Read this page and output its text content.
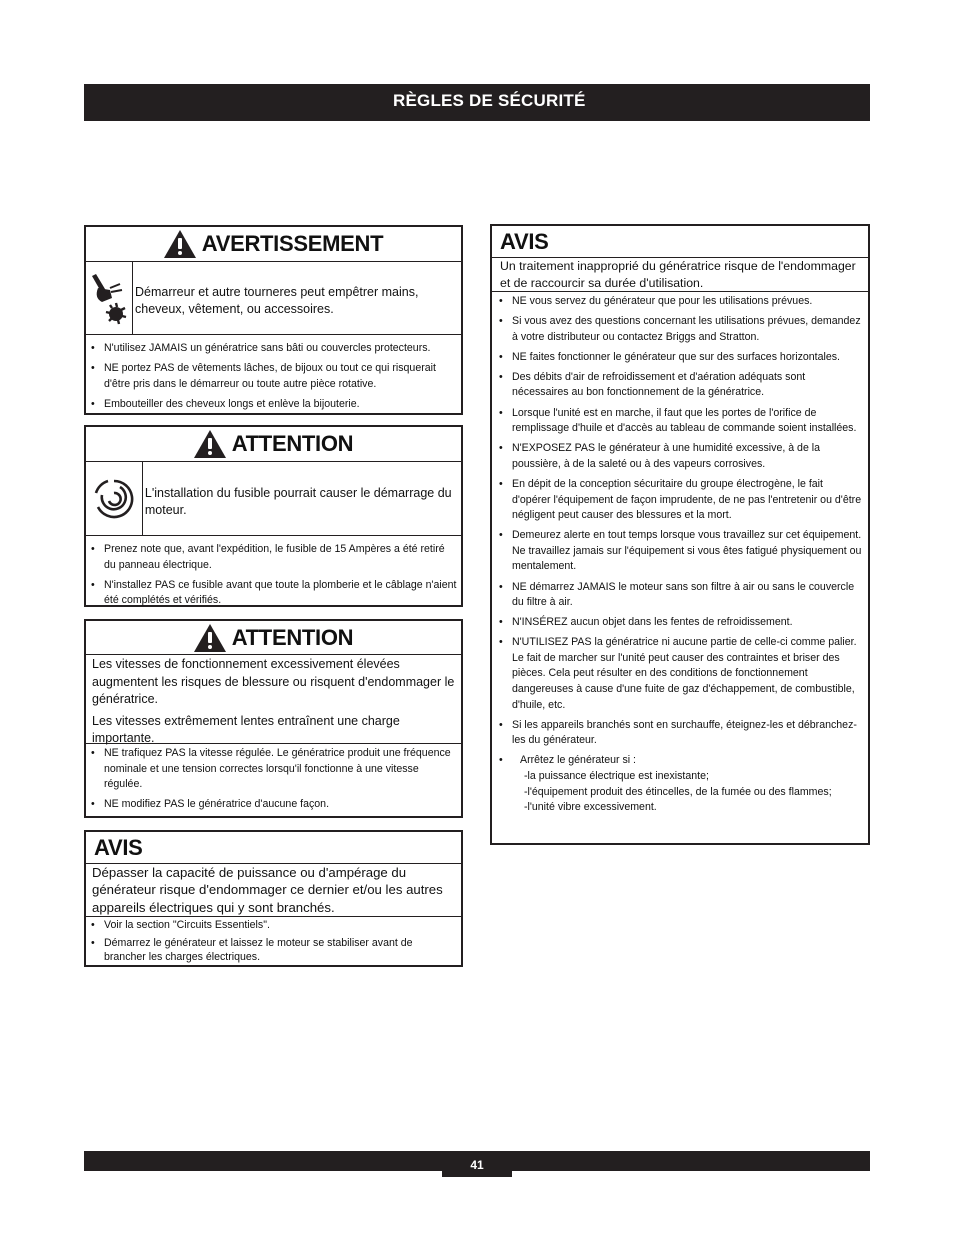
RÈGLES DE SÉCURITÉ
AVERTISSEMENT
Démarreur et autre tourneres peut empêtrer mains, cheveux, vêtement, ou accessoires.
• N'utilisez JAMAIS un génératrice sans bâti ou couvercles protecteurs.
• NE portez PAS de vêtements lâches, de bijoux ou tout ce qui risquerait d'être pris dans le démarreur ou toute autre pièce rotative.
• Embouteiller des cheveux longs et enlève la bijouterie.
ATTENTION
L'installation du fusible pourrait causer le démarrage du moteur.
• Prenez note que, avant l'expédition, le fusible de 15 Ampères a été retiré du panneau électrique.
• N'installez PAS ce fusible avant que toute la plomberie et le câblage n'aient été complétés et vérifiés.
ATTENTION
Les vitesses de fonctionnement excessivement élevées augmentent les risques de blessure ou risquent d'endommager le génératrice.
Les vitesses extrêmement lentes entraînent une charge importante.
• NE trafiquez PAS la vitesse régulée. Le génératrice produit une fréquence nominale et une tension correctes lorsqu'il fonctionne à une vitesse régulée.
• NE modifiez PAS le génératrice d'aucune façon.
AVIS
Dépasser la capacité de puissance ou d'ampérage du générateur risque d'endommager ce dernier et/ou les autres appareils électriques qui y sont branchés.
• Voir la section "Circuits Essentiels".
• Démarrez le générateur et laissez le moteur se stabiliser avant de brancher les charges électriques.
AVIS
Un traitement inapproprié du génératrice risque de l'endommager et de raccourcir sa durée d'utilisation.
• NE vous servez du générateur que pour les utilisations prévues.
• Si vous avez des questions concernant les utilisations prévues, demandez à votre distributeur ou contactez Briggs and Stratton.
• NE faites fonctionner le générateur que sur des surfaces horizontales.
• Des débits d'air de refroidissement et d'aération adéquats sont nécessaires au bon fonctionnement de la génératrice.
• Lorsque l'unité est en marche, il faut que les portes de l'orifice de remplissage d'huile et d'accès au tableau de commande soient installées.
• N'EXPOSEZ PAS le générateur à une humidité excessive, à de la poussière, à de la saleté ou à des vapeurs corrosives.
• En dépit de la conception sécuritaire du groupe électrogène, le fait d'opérer l'équipement de façon imprudente, de ne pas l'entretenir ou d'être négligent peut causer des blessures et la mort.
• Demeurez alerte en tout temps lorsque vous travaillez sur cet équipement. Ne travaillez jamais sur l'équipement si vous êtes fatigué physiquement ou mentalement.
• NE démarrez JAMAIS le moteur sans son filtre à air ou sans le couvercle du filtre à air.
• N'INSÉREZ aucun objet dans les fentes de refroidissement.
• N'UTILISEZ PAS la génératrice ni aucune partie de celle-ci comme palier. Le fait de marcher sur l'unité peut causer des contraintes et briser des pièces. Cela peut résulter en des conditions de fonctionnement dangereuses à cause d'une fuite de gaz d'échappement, de combustible, d'huile, etc.
• Si les appareils branchés sont en surchauffe, éteignez-les et débranchez-les du générateur.
• Arrêtez le générateur si :
-la puissance électrique est inexistante;
-l'équipement produit des étincelles, de la fumée ou des flammes;
-l'unité vibre excessivement.
41
